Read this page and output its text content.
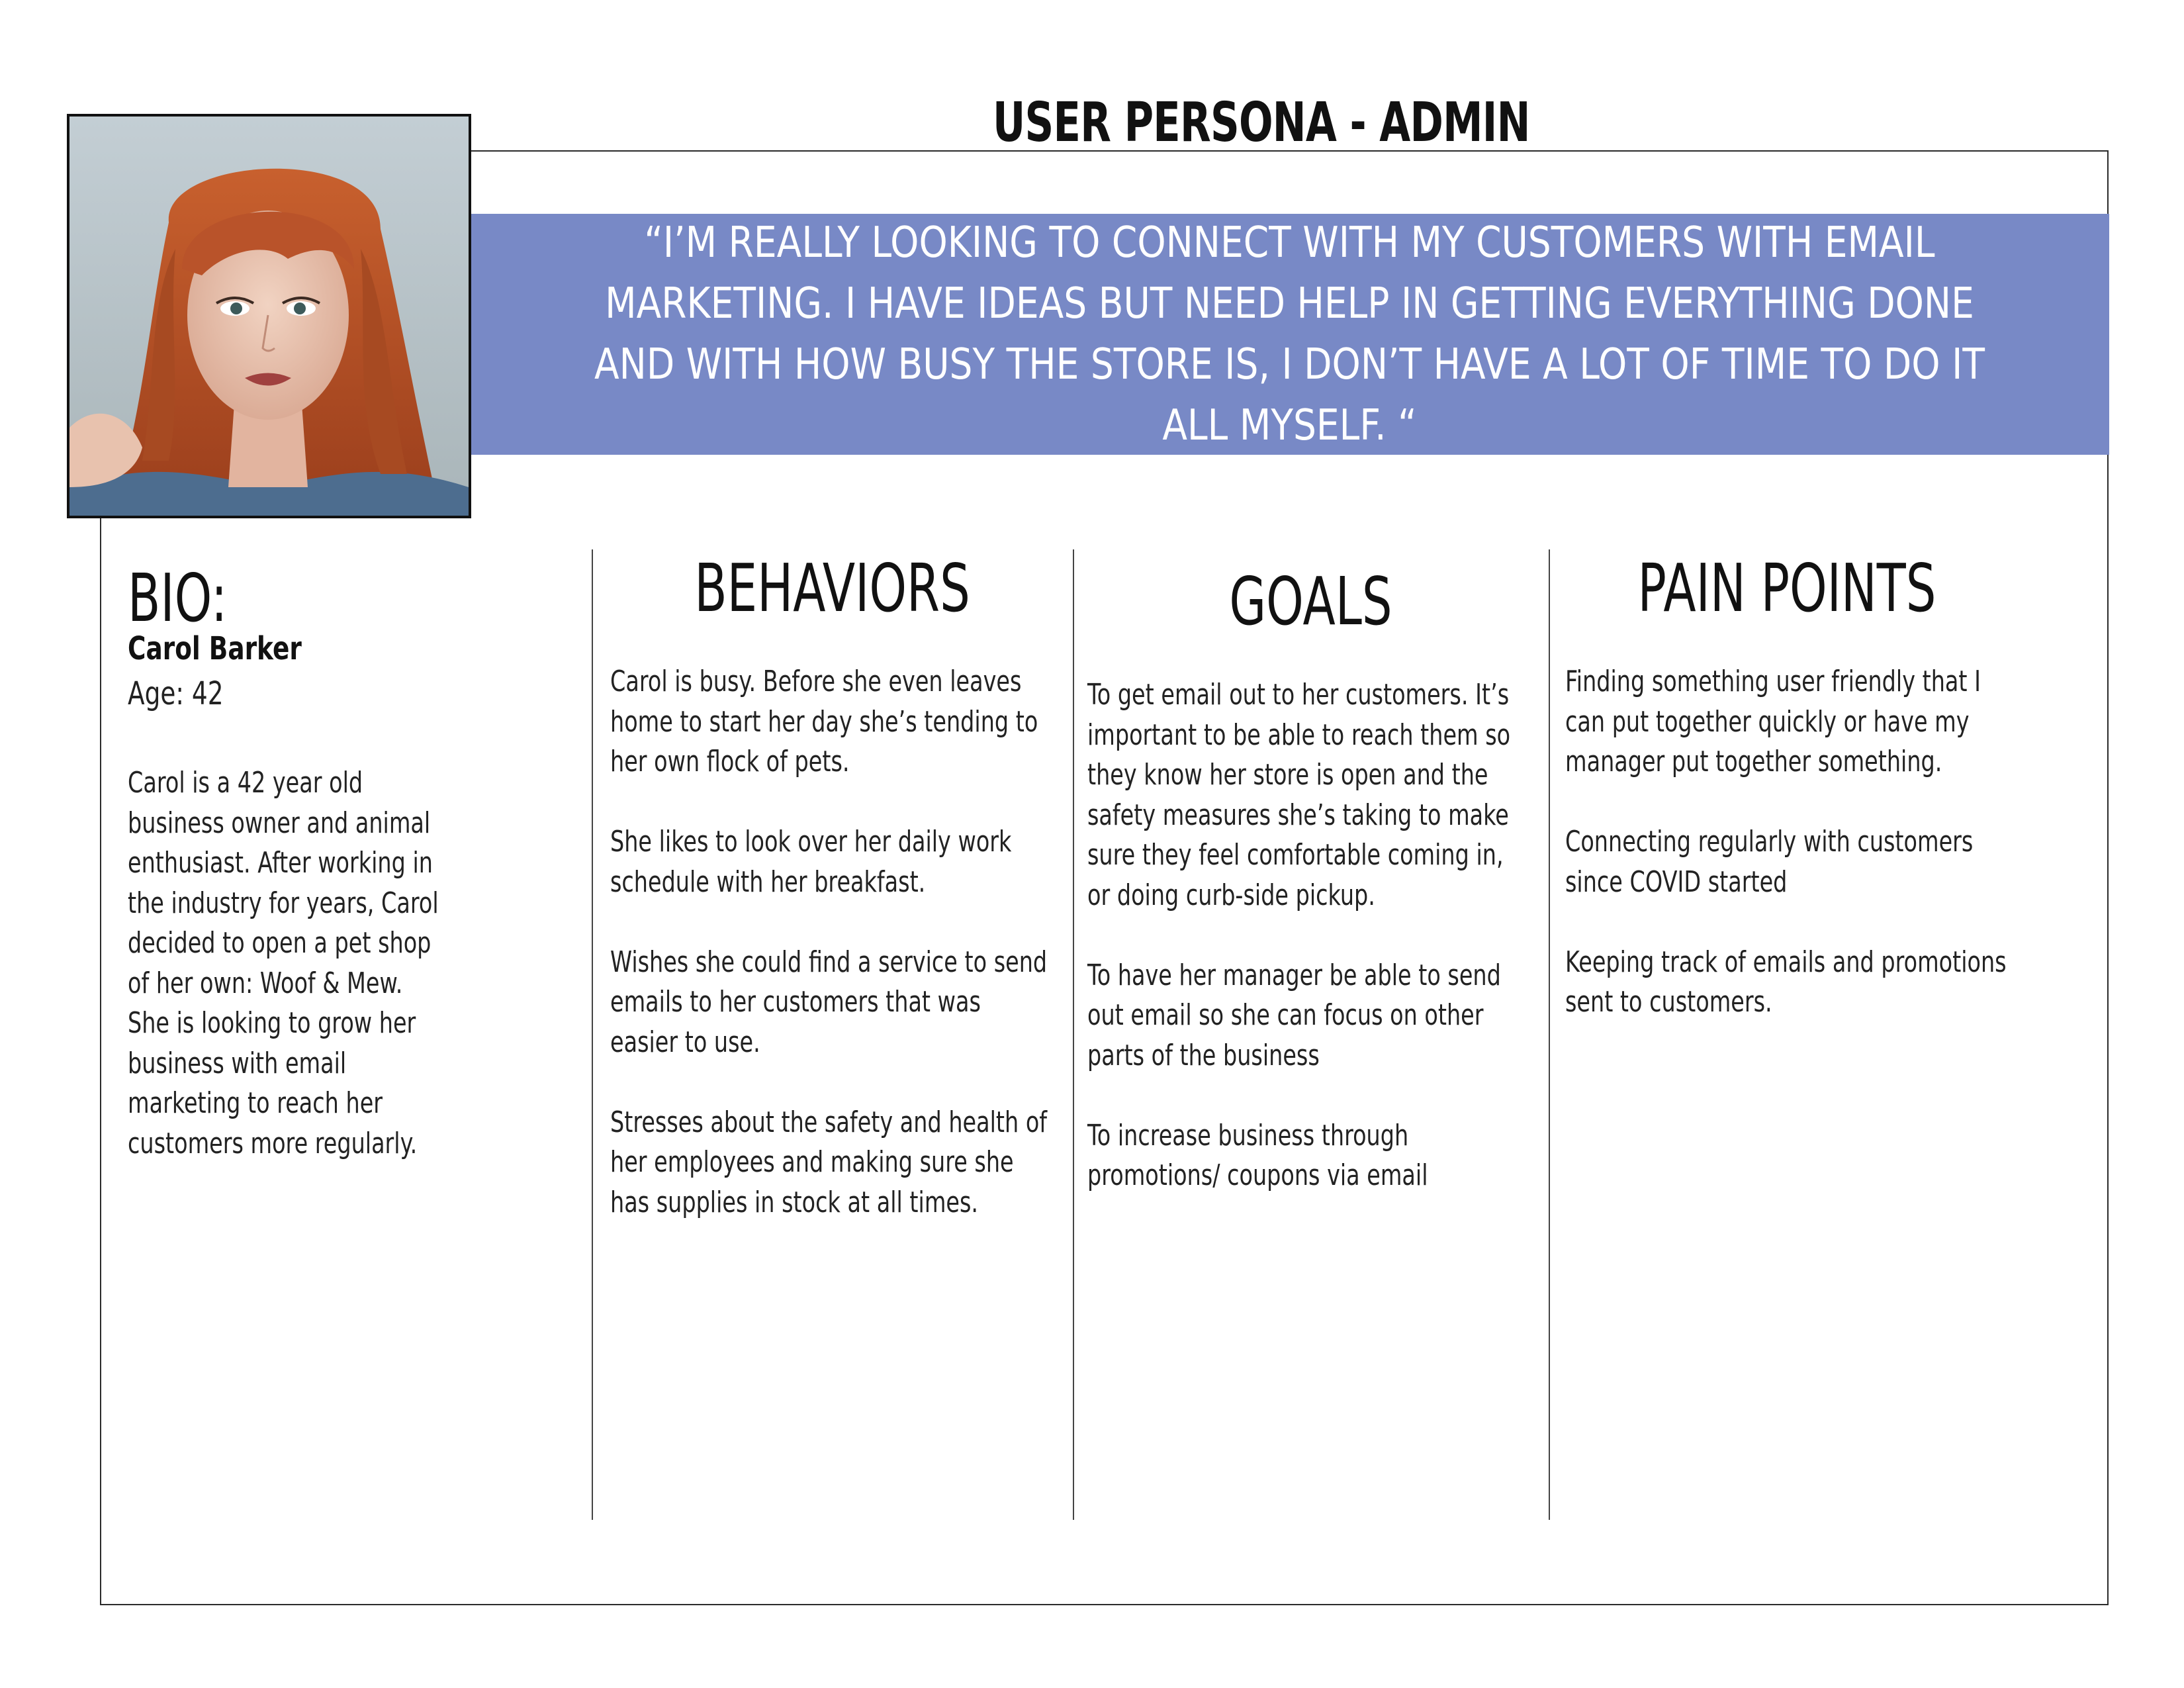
USER PERSONA - ADMIN
“I’M REALLY LOOKING TO CONNECT WITH MY CUSTOMERS WITH EMAIL MARKETING. I HAVE IDEAS BUT NEED HELP IN GETTING EVERYTHING DONE AND WITH HOW BUSY THE STORE IS, I DON’T HAVE A LOT OF TIME TO DO IT ALL MYSELF. “
BIO:
Carol Barker
Age: 42

Carol is a 42 year old business owner and animal enthusiast. After working in the industry for years, Carol decided to open a pet shop of her own: Woof & Mew. She is looking to grow her business with email marketing to reach her customers more regularly.

BEHAVIORS

Carol is busy. Before she even leaves home to start her day she’s tending to her own flock of pets.

She likes to look over her daily work schedule with her breakfast.

Wishes she could find a service to send emails to her customers that was easier to use.

Stresses about the safety and health of her employees and making sure she has supplies in stock at all times.

GOALS

To get email out to her customers. It’s important to be able to reach them so they know her store is open and the safety measures she’s taking to make sure they feel comfortable coming in, or doing curb-side pickup.

To have her manager be able to send out email so she can focus on other parts of the business

To increase business through promotions/ coupons via email

PAIN POINTS

Finding something user friendly that I can put together quickly or have my manager put together something.

Connecting regularly with customers since COVID started

Keeping track of emails and promotions sent to customers.
